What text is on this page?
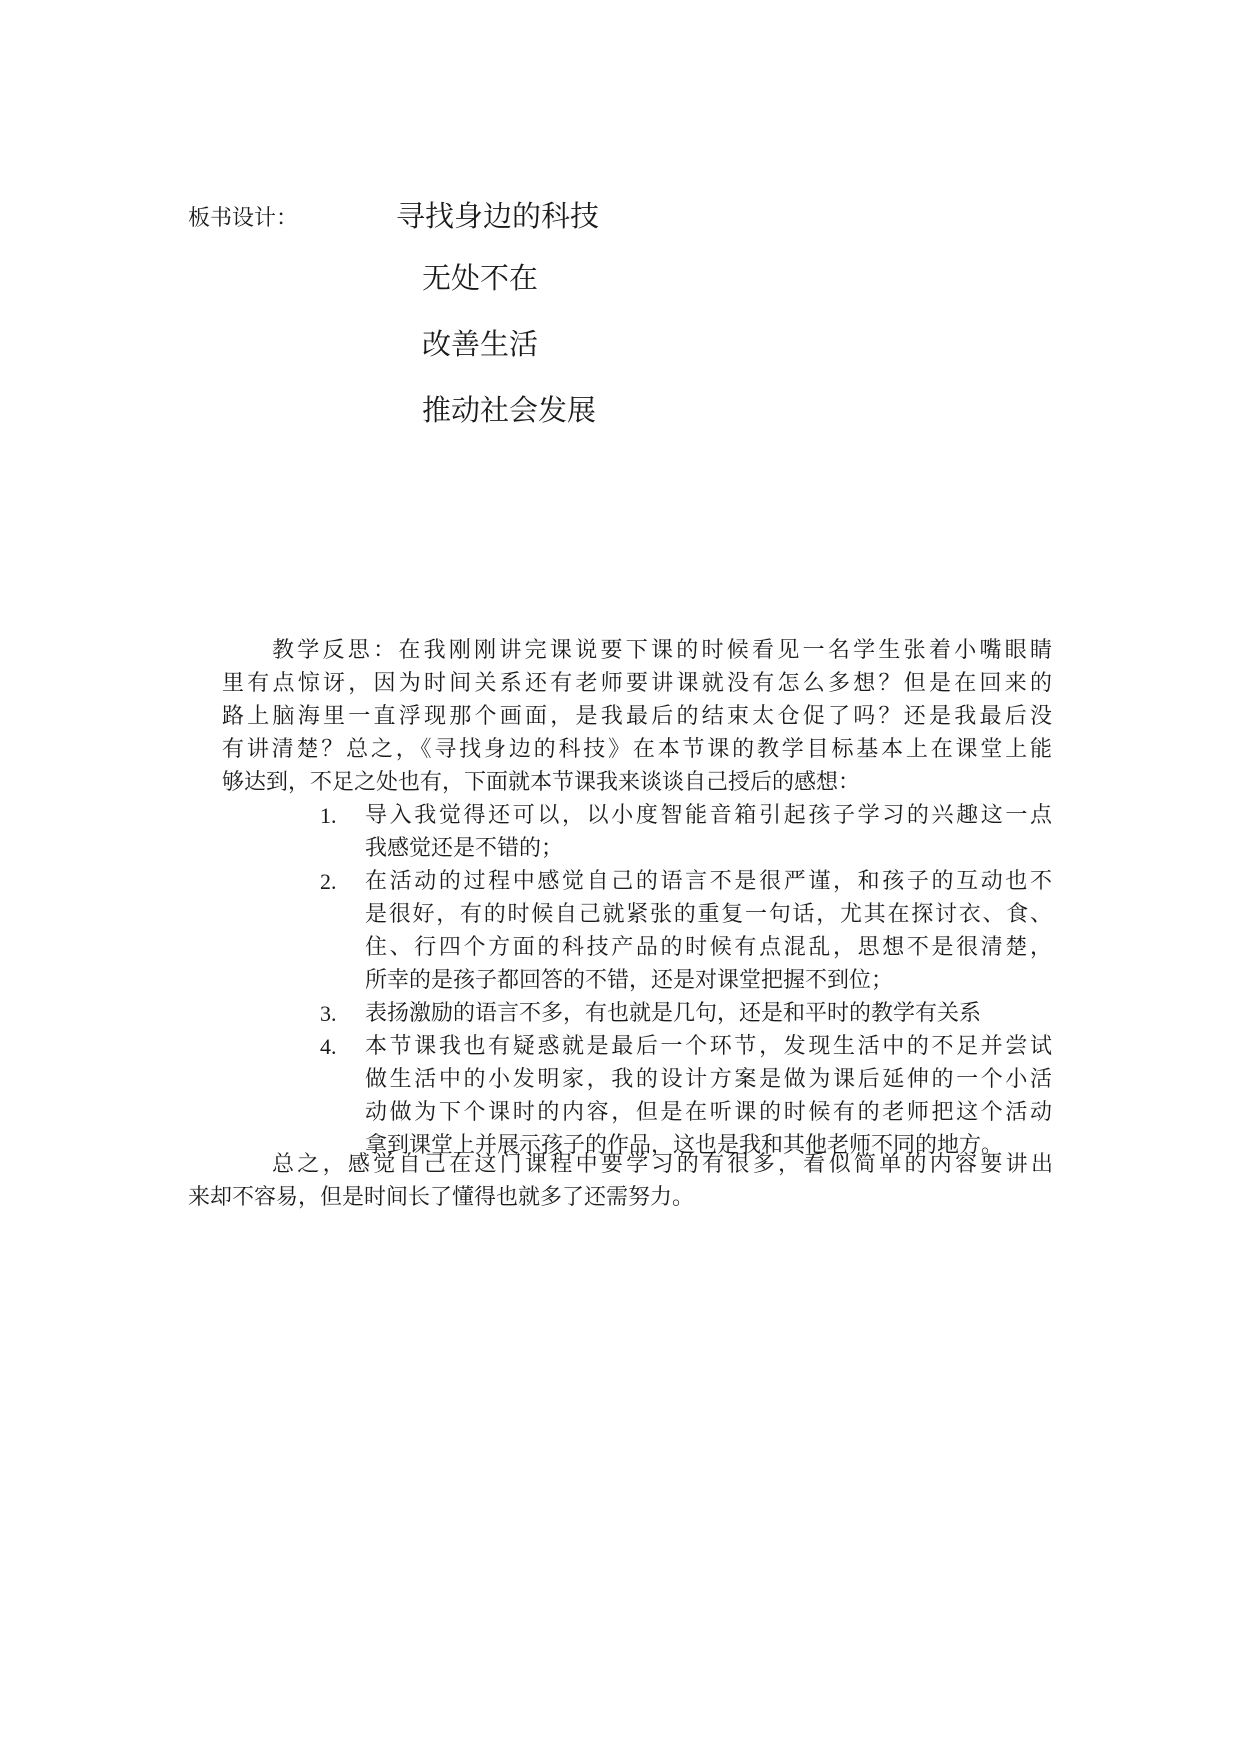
板书设计：	寻找身边的科技
无处不在
改善生活
推动社会发展

教学反思：在我刚刚讲完课说要下课的时候看见一名学生张着小嘴眼睛
里有点惊讶，因为时间关系还有老师要讲课就没有怎么多想？但是在回来的
路上脑海里一直浮现那个画面，是我最后的结束太仓促了吗？还是我最后没
有讲清楚？总之，《寻找身边的科技》在本节课的教学目标基本上在课堂上能
够达到，不足之处也有，下面就本节课我来谈谈自己授后的感想：

1. 导入我觉得还可以，以小度智能音箱引起孩子学习的兴趣这一点
我感觉还是不错的；
2. 在活动的过程中感觉自己的语言不是很严谨，和孩子的互动也不
是很好，有的时候自己就紧张的重复一句话，尤其在探讨衣、食、
住、行四个方面的科技产品的时候有点混乱，思想不是很清楚，
所幸的是孩子都回答的不错，还是对课堂把握不到位；
3. 表扬激励的语言不多，有也就是几句，还是和平时的教学有关系
4. 本节课我也有疑惑就是最后一个环节，发现生活中的不足并尝试
做生活中的小发明家，我的设计方案是做为课后延伸的一个小活
动做为下个课时的内容，但是在听课的时候有的老师把这个活动
拿到课堂上并展示孩子的作品，这也是我和其他老师不同的地方。
总之，感觉自己在这门课程中要学习的有很多，看似简单的内容要讲出
来却不容易，但是时间长了懂得也就多了还需努力。
